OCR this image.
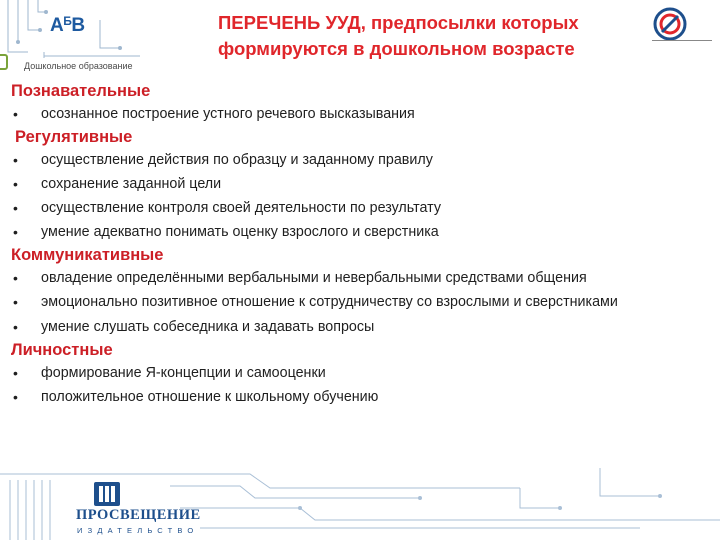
$А^БВ$
Дошкольное образование
ПЕРЕЧЕНЬ УУД, предпосылки которых
формируются в дошкольном возрасте
Познавательные
• осознанное построение устного речевого высказывания
Регулятивные
• осуществление действия по образцу и заданному правилу
• сохранение заданной цели
• осуществление контроля своей деятельности по результату
• умение адекватно понимать оценку взрослого и сверстника
Коммуникативные
• овладение определёнными вербальными и невербальными средствами общения
• эмоционально позитивное отношение к сотрудничеству со взрослыми и сверстниками
• умение слушать собеседника и задавать вопросы
Личностные
• формирование Я-концепции и самооценки
• положительное отношение к школьному обучению
ПРОСВЕЩЕНИЕ
ИЗДАТЕЛЬСТВО
